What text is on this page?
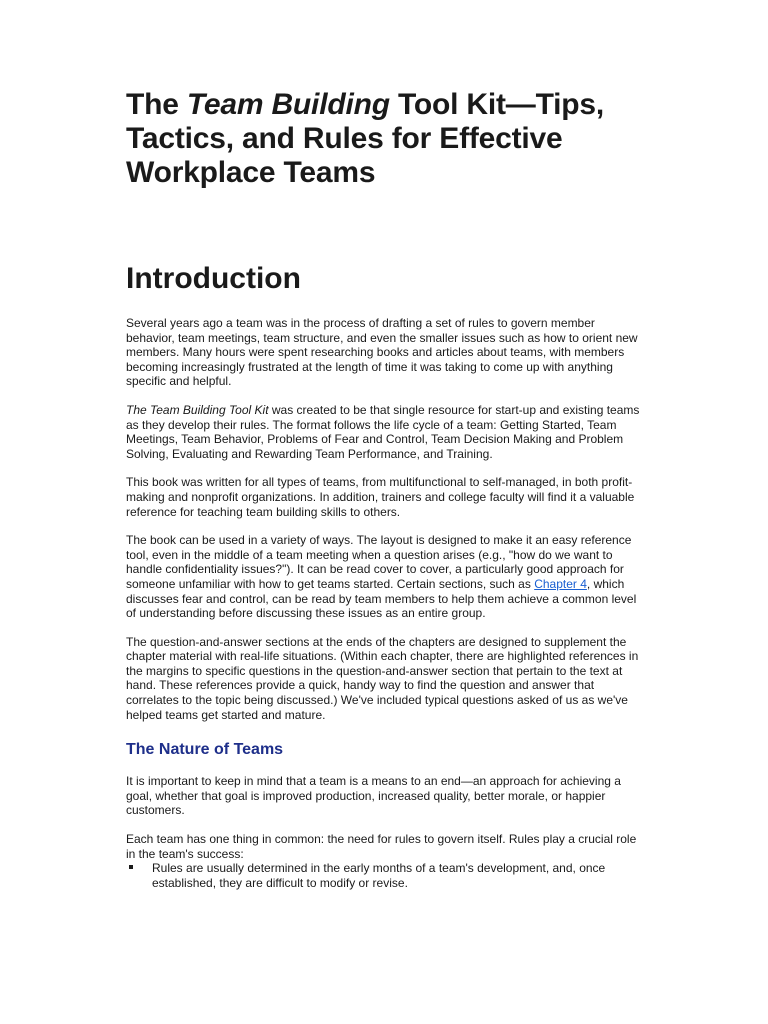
The Team Building Tool Kit—Tips, Tactics, and Rules for Effective Workplace Teams
Introduction

Several years ago a team was in the process of drafting a set of rules to govern member behavior, team meetings, team structure, and even the smaller issues such as how to orient new members. Many hours were spent researching books and articles about teams, with members becoming increasingly frustrated at the length of time it was taking to come up with anything specific and helpful.

The Team Building Tool Kit was created to be that single resource for start-up and existing teams as they develop their rules. The format follows the life cycle of a team: Getting Started, Team Meetings, Team Behavior, Problems of Fear and Control, Team Decision Making and Problem Solving, Evaluating and Rewarding Team Performance, and Training.

This book was written for all types of teams, from multifunctional to self-managed, in both profit-making and nonprofit organizations. In addition, trainers and college faculty will find it a valuable reference for teaching team building skills to others.

The book can be used in a variety of ways. The layout is designed to make it an easy reference tool, even in the middle of a team meeting when a question arises (e.g., "how do we want to handle confidentiality issues?"). It can be read cover to cover, a particularly good approach for someone unfamiliar with how to get teams started. Certain sections, such as Chapter 4, which discusses fear and control, can be read by team members to help them achieve a common level of understanding before discussing these issues as an entire group.

The question-and-answer sections at the ends of the chapters are designed to supplement the chapter material with real-life situations. (Within each chapter, there are highlighted references in the margins to specific questions in the question-and-answer section that pertain to the text at hand. These references provide a quick, handy way to find the question and answer that correlates to the topic being discussed.) We've included typical questions asked of us as we've helped teams get started and mature.

The Nature of Teams

It is important to keep in mind that a team is a means to an end—an approach for achieving a goal, whether that goal is improved production, increased quality, better morale, or happier customers.

Each team has one thing in common: the need for rules to govern itself. Rules play a crucial role in the team's success:

Rules are usually determined in the early months of a team's development, and, once established, they are difficult to modify or revise.
